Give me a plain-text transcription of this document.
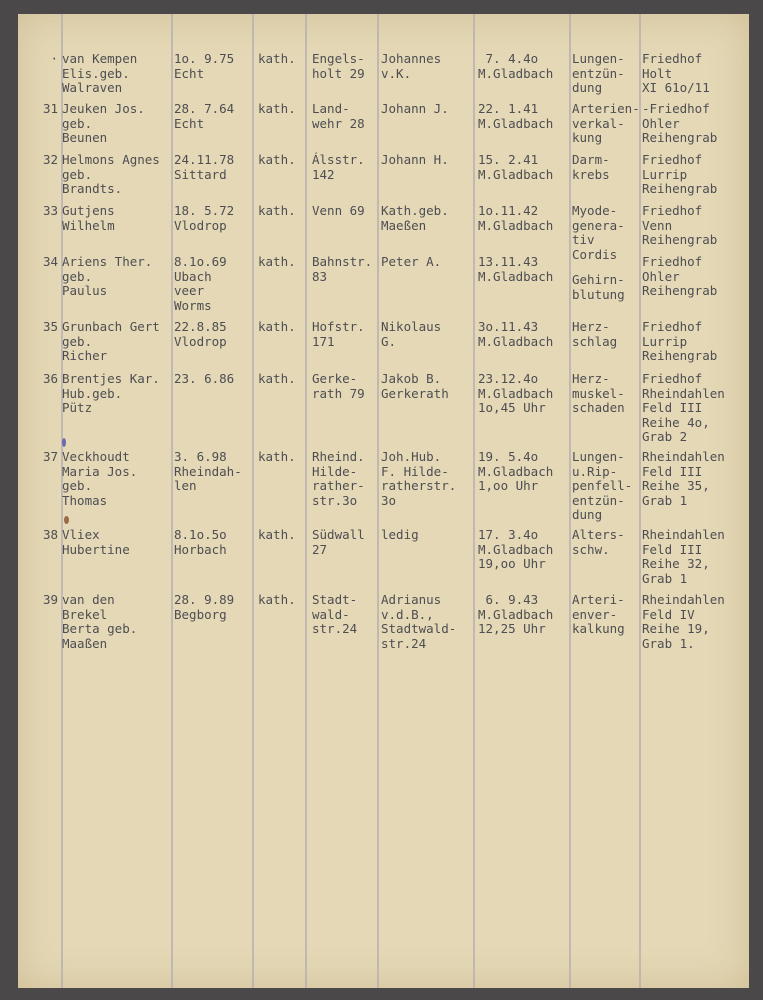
· van Kempen
Elis.geb.
Walraven
1o. 9.75
Echt
kath. Engels-
holt 29
Johannes
v.K.
7. 4.4o
M.Gladbach
Lungen-
entzün-
dung
Friedhof
Holt
XI 61o/11
31 Jeuken Jos.
geb.
Beunen
28. 7.64
Echt
kath. Land-
wehr 28
Johann J. 22. 1.41
M.Gladbach
Arterien-
verkal-
kung
-Friedhof
Ohler
Reihengrab
32 Helmons Agnes
geb.
Brandts.
24.11.78
Sittard
kath. Álsstr.
142
Johann H. 15. 2.41
M.Gladbach
Darm-
krebs
Friedhof
Lurrip
Reihengrab
33 Gutjens
Wilhelm
18. 5.72
Vlodrop
kath. Venn 69 Kath.geb.
Maeßen
1o.11.42
M.Gladbach
Myode-
genera-
tiv
Cordis
Friedhof
Venn
Reihengrab
34 Ariens Ther.
geb.
Paulus
8.1o.69
Ubach
veer
Worms
kath. Bahnstr.
83
Peter A.	13.11.43
M.Gladbach Gehirn-
blutung
Friedhof
Ohler
Reihengrab
35 Grunbach Gert
geb.
Richer
22.8.85
Vlodrop
kath. Hofstr.
171
Nikolaus
G.
3o.11.43
M.Gladbach
Herz-
schlag
Friedhof
Lurrip
Reihengrab
36 Brentjes Kar.
Hub.geb.
Pütz
23. 6.86 kath. Gerke-
rath 79
Jakob B.
Gerkerath
23.12.4o
M.Gladbach
1o,45 Uhr
Herz-
muskel-
schaden
Friedhof
Rheindahlen
Feld III
Reihe 4o,
Grab 2
37 Veckhoudt
Maria Jos.
geb.
Thomas
3. 6.98
Rheindah-
len
kath. Rheind.
Hilde-
rather-
str.3o
Joh.Hub.
F. Hilde-
ratherstr.
3o
19. 5.4o
M.Gladbach
1,oo Uhr
Lungen-
u.Rip-
penfell-
entzün-
dung
Rheindahlen
Feld III
Reihe 35,
Grab 1
38 Vliex
Hubertine
8.1o.5o
Horbach
kath. Südwall
27
ledig	17. 3.4o
M.Gladbach
19,oo Uhr
Alters-
schw.
Rheindahlen
Feld III
Reihe 32,
Grab 1
39 van den
Brekel
Berta geb.
Maaßen
28. 9.89
Begborg
kath. Stadt-
wald-
str.24
Adrianus
v.d.B.,
Stadtwald-
str.24
6. 9.43
M.Gladbach
12,25 Uhr
Arteri-
enver-
kalkung
Rheindahlen
Feld IV
Reihe 19,
Grab 1.
